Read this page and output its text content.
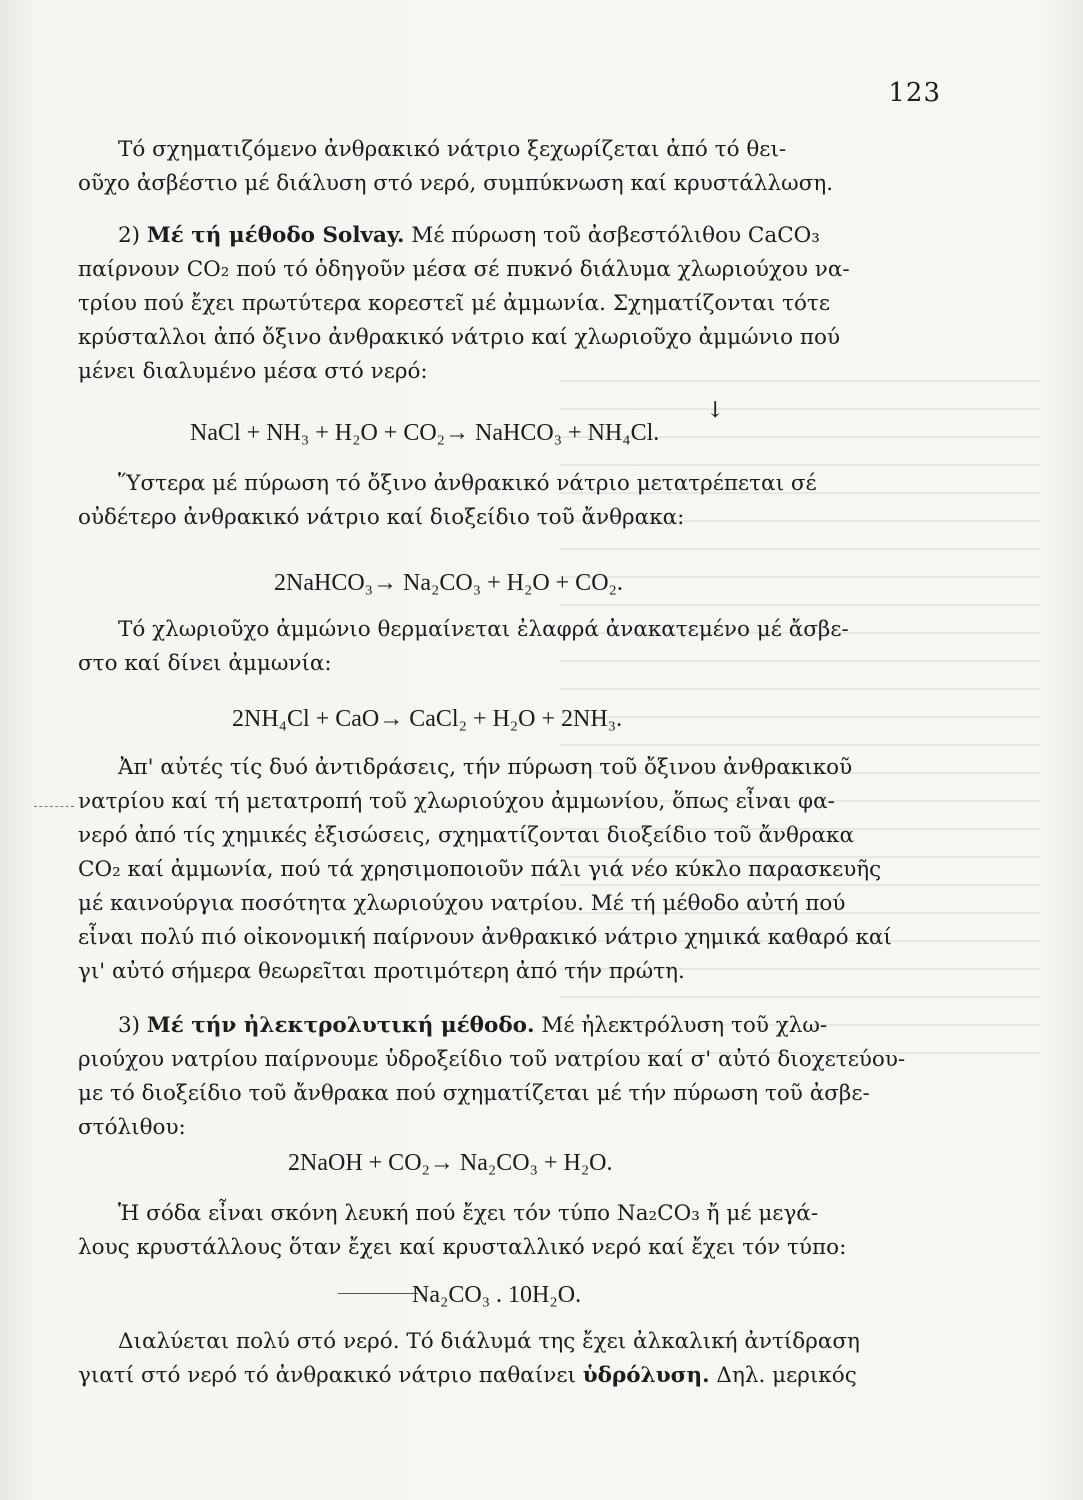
123
Τό σχηματιζόμενο ἀνθρακικό νάτριο ξεχωρίζεται ἀπό τό θει-
οῦχο ἀσβέστιο μέ διάλυση στό νερό, συμπύκνωση καί κρυστάλλωση.
2) Μέ τή μέθοδο Solvay. Μέ πύρωση τοῦ ἀσβεστόλιθου CaCO₃
παίρνουν CO₂ πού τό ὁδηγοῦν μέσα σέ πυκνό διάλυμα χλωριούχου να-
τρίου πού ἔχει πρωτύτερα κορεστεῖ μέ ἀμμωνία. Σχηματίζονται τότε
κρύσταλλοι ἀπό ὄξινο ἀνθρακικό νάτριο καί χλωριοῦχο ἀμμώνιο πού
μένει διαλυμένο μέσα στό νερό:
↓
NaCl + NH₃ + H₂O + CO₂→ NaHCO₃ + NH₄Cl.
Ὕστερα μέ πύρωση τό ὄξινο ἀνθρακικό νάτριο μετατρέπεται σέ
οὐδέτερο ἀνθρακικό νάτριο καί διοξείδιο τοῦ ἄνθρακα:
2NaHCO₃→ Na₂CO₃ + H₂O + CO₂.
Τό χλωριοῦχο ἀμμώνιο θερμαίνεται ἐλαφρά ἀνακατεμένο μέ ἄσβε-
στο καί δίνει ἀμμωνία:
2NH₄Cl + CaO→ CaCl₂ + H₂O + 2NH₃.
Ἀπ' αὐτές τίς δυό ἀντιδράσεις, τήν πύρωση τοῦ ὄξινου ἀνθρακικοῦ
νατρίου καί τή μετατροπή τοῦ χλωριούχου ἀμμωνίου, ὅπως εἶναι φα-
νερό ἀπό τίς χημικές ἐξισώσεις, σχηματίζονται διοξείδιο τοῦ ἄνθρακα
CO₂ καί ἀμμωνία, πού τά χρησιμοποιοῦν πάλι γιά νέο κύκλο παρασκευῆς
μέ καινούργια ποσότητα χλωριούχου νατρίου. Μέ τή μέθοδο αὐτή πού
εἶναι πολύ πιό οἰκονομική παίρνουν ἀνθρακικό νάτριο χημικά καθαρό καί
γι' αὐτό σήμερα θεωρεῖται προτιμότερη ἀπό τήν πρώτη.
3) Μέ τήν ἠλεκτρολυτική μέθοδο. Μέ ἠλεκτρόλυση τοῦ χλω-
ριούχου νατρίου παίρνουμε ὑδροξείδιο τοῦ νατρίου καί σ' αὐτό διοχετεύου-
με τό διοξείδιο τοῦ ἄνθρακα πού σχηματίζεται μέ τήν πύρωση τοῦ ἀσβε-
στόλιθου:
2NaOH + CO₂→ Na₂CO₃ + H₂O.
Ἡ σόδα εἶναι σκόνη λευκή πού ἔχει τόν τύπο Na₂CO₃ ἤ μέ μεγά-
λους κρυστάλλους ὅταν ἔχει καί κρυσταλλικό νερό καί ἔχει τόν τύπο:
Na₂CO₃ . 10H₂O.
Διαλύεται πολύ στό νερό. Τό διάλυμά της ἔχει ἀλκαλική ἀντίδραση
γιατί στό νερό τό ἀνθρακικό νάτριο παθαίνει ὑδρόλυση. Δηλ. μερικός
